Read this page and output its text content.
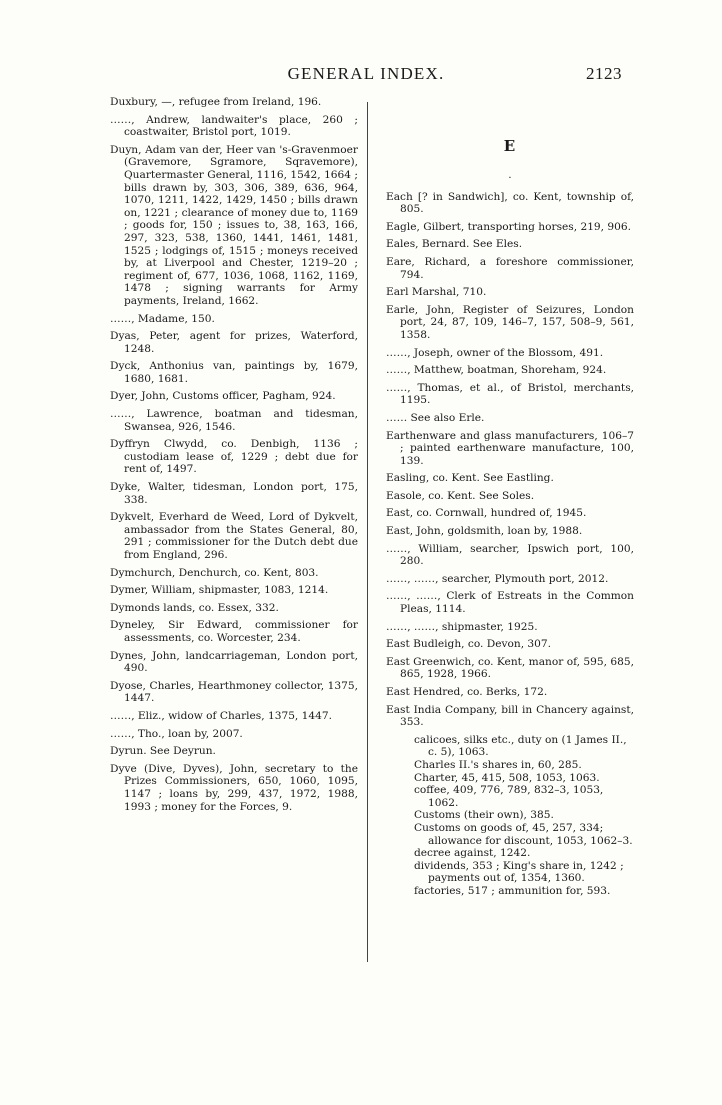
GENERAL INDEX.	2123

Duxbury, —, refugee from Ireland, 196.

……, Andrew, landwaiter's place, 260 ; coastwaiter, Bristol port, 1019.

Duyn, Adam van der, Heer van 's-Gravenmoer (Gravemore, Sgramore, Sqravemore), Quartermaster General, 1116, 1542, 1664 ; bills drawn by, 303, 306, 389, 636, 964, 1070, 1211, 1422, 1429, 1450 ; bills drawn on, 1221 ; clearance of money due to, 1169 ; goods for, 150 ; issues to, 38, 163, 166, 297, 323, 538, 1360, 1441, 1461, 1481, 1525 ; lodgings of, 1515 ; moneys received by, at Liverpool and Chester, 1219–20 ; regiment of, 677, 1036, 1068, 1162, 1169, 1478 ; signing warrants for Army payments, Ireland, 1662.

……, Madame, 150.

Dyas, Peter, agent for prizes, Waterford, 1248.

Dyck, Anthonius van, paintings by, 1679, 1680, 1681.

Dyer, John, Customs officer, Pagham, 924.

……, Lawrence, boatman and tidesman, Swansea, 926, 1546.

Dyffryn Clwydd, co. Denbigh, 1136 ; custodiam lease of, 1229 ; debt due for rent of, 1497.

Dyke, Walter, tidesman, London port, 175, 338.

Dykvelt, Everhard de Weed, Lord of Dykvelt, ambassador from the States General, 80, 291 ; commissioner for the Dutch debt due from England, 296.

Dymchurch, Denchurch, co. Kent, 803.

Dymer, William, shipmaster, 1083, 1214.

Dymonds lands, co. Essex, 332.

Dyneley, Sir Edward, commissioner for assessments, co. Worcester, 234.

Dynes, John, landcarriageman, London port, 490.

Dyose, Charles, Hearthmoney collector, 1375, 1447.

……, Eliz., widow of Charles, 1375, 1447.

……, Tho., loan by, 2007.

Dyrun. See Deyrun.

Dyve (Dive, Dyves), John, secretary to the Prizes Commissioners, 650, 1060, 1095, 1147 ; loans by, 299, 437, 1972, 1988, 1993 ; money for the Forces, 9.

E
·

Each [? in Sandwich], co. Kent, township of, 805.

Eagle, Gilbert, transporting horses, 219, 906.

Eales, Bernard. See Eles.

Eare, Richard, a foreshore commissioner, 794.

Earl Marshal, 710.

Earle, John, Register of Seizures, London port, 24, 87, 109, 146–7, 157, 508–9, 561, 1358.

……, Joseph, owner of the Blossom, 491.

……, Matthew, boatman, Shoreham, 924.

……, Thomas, et al., of Bristol, merchants, 1195.

…… See also Erle.

Earthenware and glass manufacturers, 106–7 ; painted earthenware manufacture, 100, 139.

Easling, co. Kent. See Eastling.

Easole, co. Kent. See Soles.

East, co. Cornwall, hundred of, 1945.

East, John, goldsmith, loan by, 1988.

……, William, searcher, Ipswich port, 100, 280.

……, ……, searcher, Plymouth port, 2012.

……, ……, Clerk of Estreats in the Common Pleas, 1114.

……, ……, shipmaster, 1925.

East Budleigh, co. Devon, 307.

East Greenwich, co. Kent, manor of, 595, 685, 865, 1928, 1966.

East Hendred, co. Berks, 172.

East India Company, bill in Chancery against, 353.

calicoes, silks etc., duty on (1 James II., c. 5), 1063.

Charles II.'s shares in, 60, 285.

Charter, 45, 415, 508, 1053, 1063.

coffee, 409, 776, 789, 832–3, 1053, 1062.

Customs (their own), 385.

Customs on goods of, 45, 257, 334; allowance for discount, 1053, 1062–3.

decree against, 1242.

dividends, 353 ; King's share in, 1242 ; payments out of, 1354, 1360.

factories, 517 ; ammunition for, 593.
